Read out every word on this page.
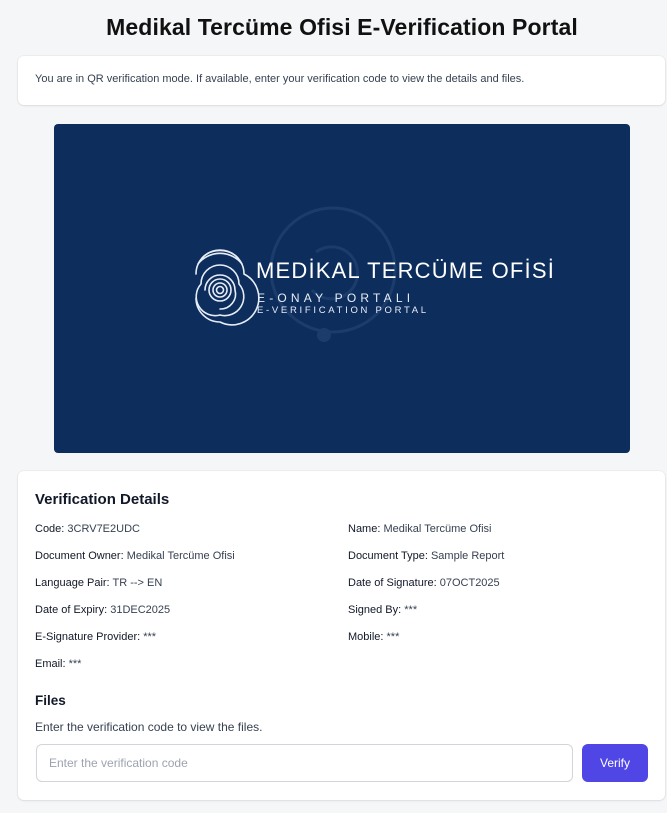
Medikal Tercüme Ofisi E-Verification Portal
You are in QR verification mode. If available, enter your verification code to view the details and files.
MEDİKAL TERCÜME OFİSİ
E-ONAY PORTALI
E-VERIFICATION PORTAL
Verification Details
Code: 3CRV7E2UDC	Name: Medikal Tercüme Ofisi
Document Owner: Medikal Tercüme Ofisi	Document Type: Sample Report
Language Pair: TR --> EN	Date of Signature: 07OCT2025
Date of Expiry: 31DEC2025	Signed By: ***
E-Signature Provider: ***	Mobile: ***
Email: ***
Files
Enter the verification code to view the files.
Enter the verification code
Verify
